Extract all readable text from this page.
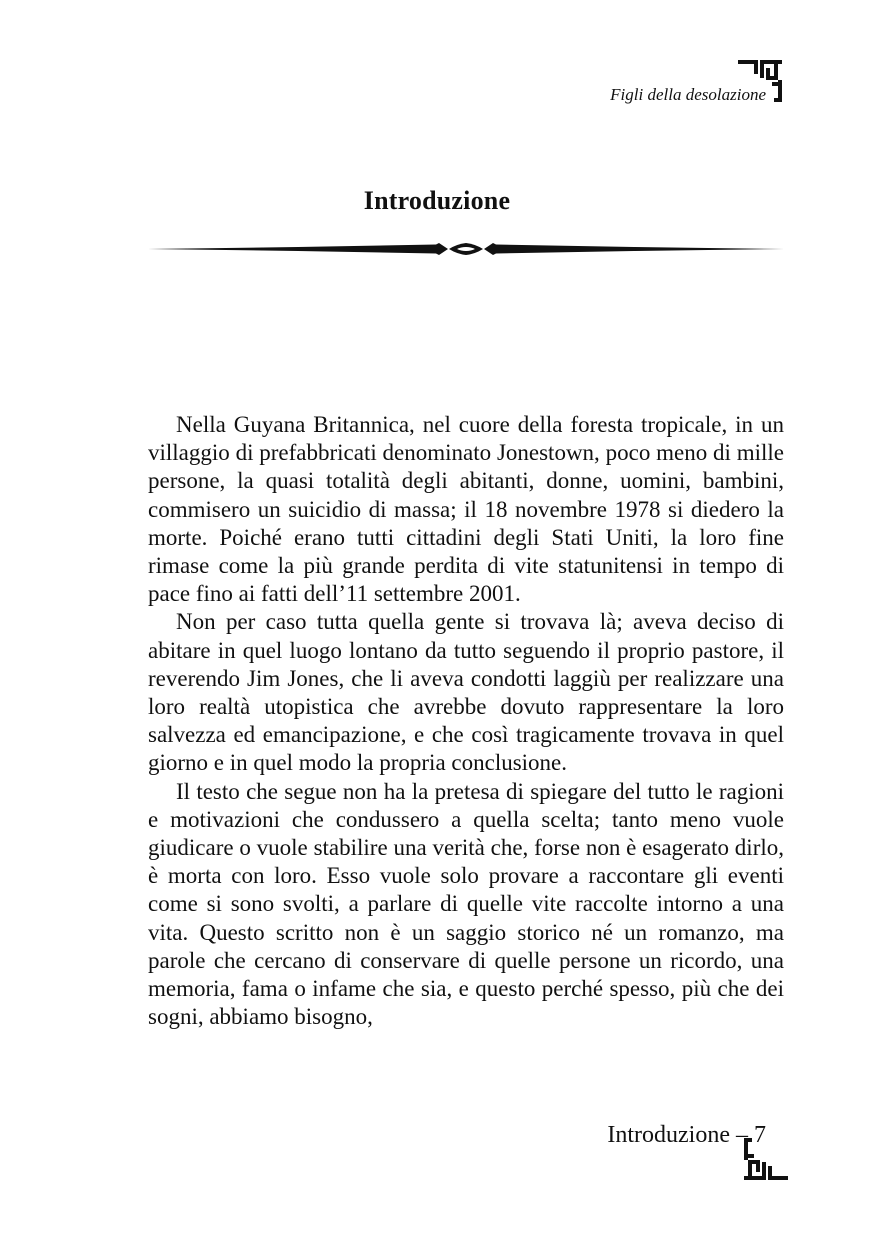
Figli della desolazione
Introduzione

Nella Guyana Britannica, nel cuore della foresta tropicale, in un villaggio di prefabbricati denominato Jonestown, poco meno di mille persone, la quasi totalità degli abitanti, donne, uomini, bambini, commisero un suicidio di massa; il 18 novembre 1978 si diedero la morte. Poiché erano tutti cittadini degli Stati Uniti, la loro fine rimase come la più grande perdita di vite statunitensi in tempo di pace fino ai fatti dell’11 settembre 2001.

Non per caso tutta quella gente si trovava là; aveva deciso di abitare in quel luogo lontano da tutto seguendo il proprio pastore, il reverendo Jim Jones, che li aveva condotti laggiù per realizzare una loro realtà utopistica che avrebbe dovuto rappresentare la loro salvezza ed emancipazione, e che così tragicamente trovava in quel giorno e in quel modo la propria conclusione.

Il testo che segue non ha la pretesa di spiegare del tutto le ragioni e motivazioni che condussero a quella scelta; tanto meno vuole giudicare o vuole stabilire una verità che, forse non è esagerato dirlo, è morta con loro. Esso vuole solo provare a raccontare gli eventi come si sono svolti, a parlare di quelle vite raccolte intorno a una vita. Questo scritto non è un saggio storico né un romanzo, ma parole che cercano di conservare di quelle persone un ricordo, una memoria, fama o infame che sia, e questo perché spesso, più che dei sogni, abbiamo bisogno,

Introduzione – 7
